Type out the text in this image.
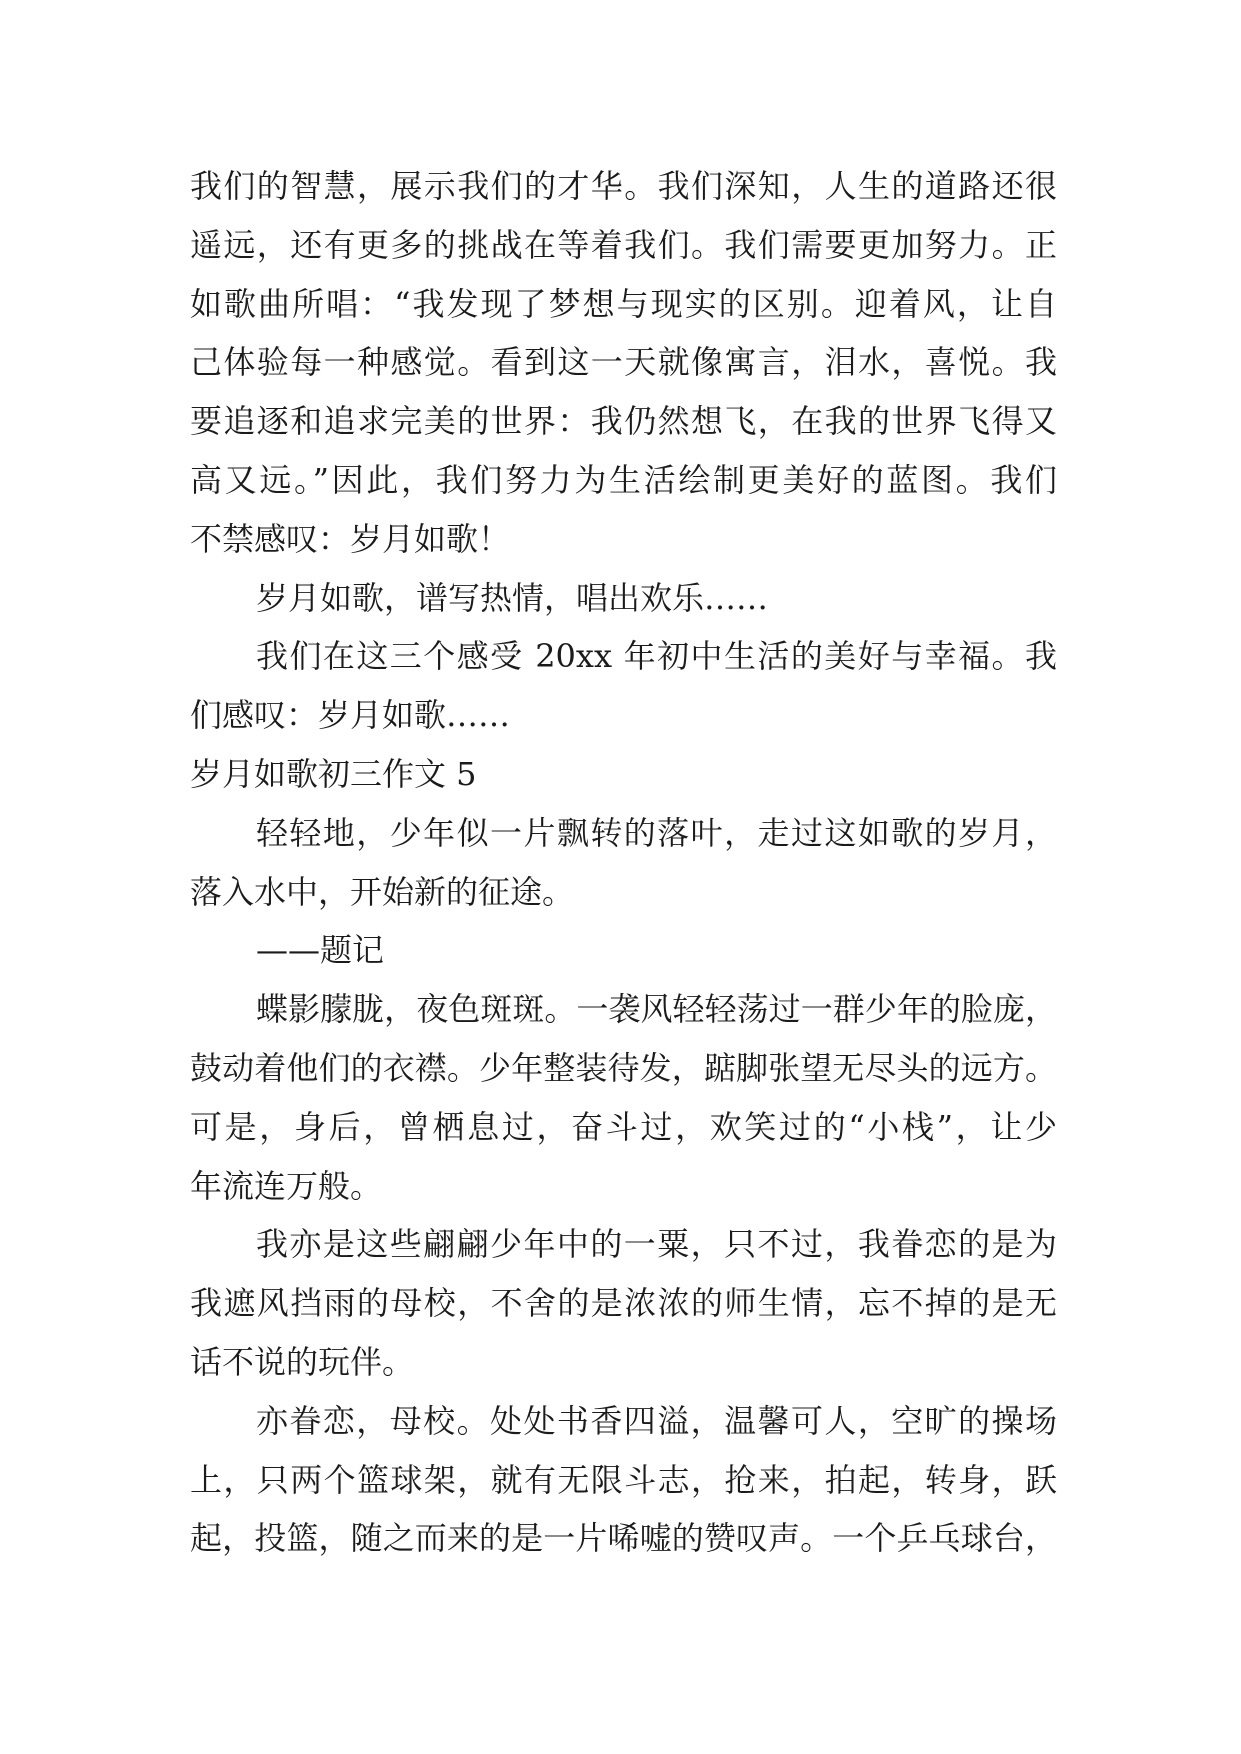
我们的智慧，展示我们的才华。我们深知，人生的道路还很
遥远，还有更多的挑战在等着我们。我们需要更加努力。正
如歌曲所唱：“我发现了梦想与现实的区别。迎着风，让自
己体验每一种感觉。看到这一天就像寓言，泪水，喜悦。我
要追逐和追求完美的世界：我仍然想飞，在我的世界飞得又
高又远。”因此，我们努力为生活绘制更美好的蓝图。我们
不禁感叹：岁月如歌！
岁月如歌，谱写热情，唱出欢乐……
我们在这三个感受 20xx 年初中生活的美好与幸福。我
们感叹：岁月如歌……
岁月如歌初三作文 5
轻轻地，少年似一片飘转的落叶，走过这如歌的岁月，
落入水中，开始新的征途。
——题记
蝶影朦胧，夜色斑斑。一袭风轻轻荡过一群少年的脸庞，
鼓动着他们的衣襟。少年整装待发，踮脚张望无尽头的远方。
可是，身后，曾栖息过，奋斗过，欢笑过的“小栈”，让少
年流连万般。
我亦是这些翩翩少年中的一粟，只不过，我眷恋的是为
我遮风挡雨的母校，不舍的是浓浓的师生情，忘不掉的是无
话不说的玩伴。
亦眷恋，母校。处处书香四溢，温馨可人，空旷的操场
上，只两个篮球架，就有无限斗志，抢来，拍起，转身，跃
起，投篮，随之而来的是一片唏嘘的赞叹声。一个乒乓球台，
